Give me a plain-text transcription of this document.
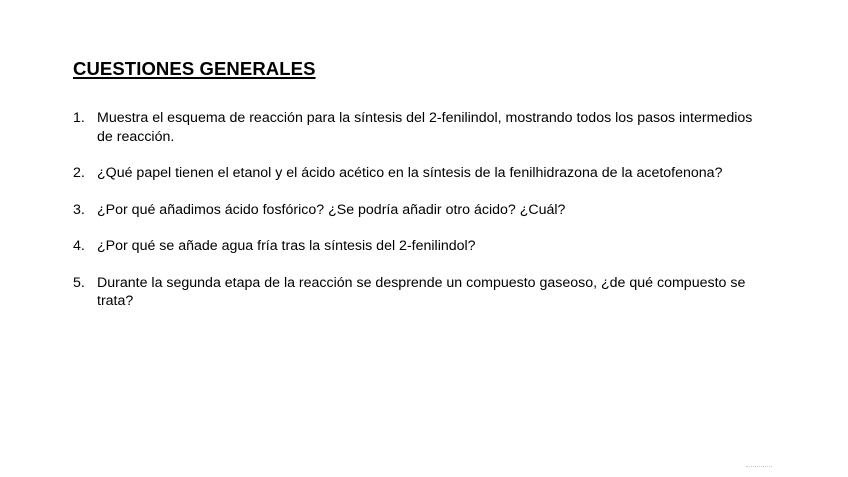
CUESTIONES GENERALES
1. Muestra el esquema de reacción para la síntesis del 2-fenilindol, mostrando todos los pasos intermedios de reacción.
2. ¿Qué papel tienen el etanol y el ácido acético en la síntesis de la fenilhidrazona de la acetofenona?
3. ¿Por qué añadimos ácido fosfórico? ¿Se podría añadir otro ácido? ¿Cuál?
4. ¿Por qué se añade agua fría tras la síntesis del 2-fenilindol?
5. Durante la segunda etapa de la reacción se desprende un compuesto gaseoso, ¿de qué compuesto se trata?
